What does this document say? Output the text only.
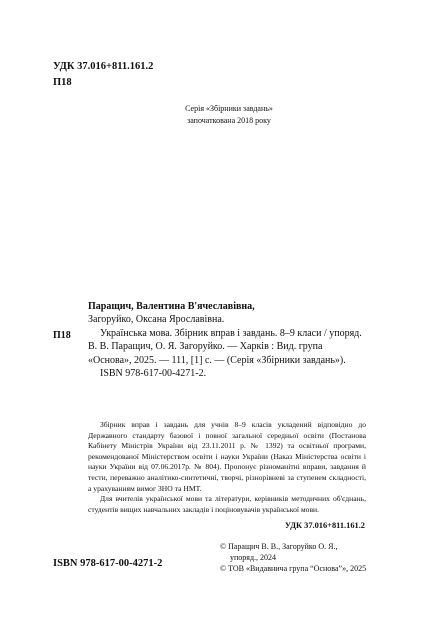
УДК 37.016+811.161.2
П18
Серія «Збірники завдань»
започаткована 2018 року
П18
Паращич, Валентина В'ячеславівна,
Загоруйко, Оксана Ярославівна.

Українська мова. Збірник вправ і завдань. 8–9 класи / упоряд. В. В. Паращич, О. Я. Загоруйко. — Харків : Вид. група «Основа», 2025. — 111, [1] с. — (Серія «Збірники завдань»).

ISBN 978-617-00-4271-2.

Збірник вправ і завдань для учнів 8–9 класів укладений відповідно до Державного стандарту базової і повної загальної середньої освіти (Постанова Кабінету Міністрів України від 23.11.2011 р. № 1392) та освітньої програми, рекомендованої Міністерством освіти і науки України (Наказ Міністерства освіти і науки України від 07.06.2017р. № 804). Пропонує різноманітні вправи, завдання й тести, переважно аналітико-синтетичні, творчі, різнорівневі за ступенем складності, а урахуванням вимог ЗНО та НМТ.

Для вчителів української мови та літератури, керівників методичних об'єднань, студентів вищих навчальних закладів і поціновувачів української мови.

УДК 37.016+811.161.2
ISBN 978-617-00-4271-2
© Паращич В. В., Загоруйко О. Я.,
упоряд., 2024
© ТОВ «Видавнича група “Основа”», 2025
